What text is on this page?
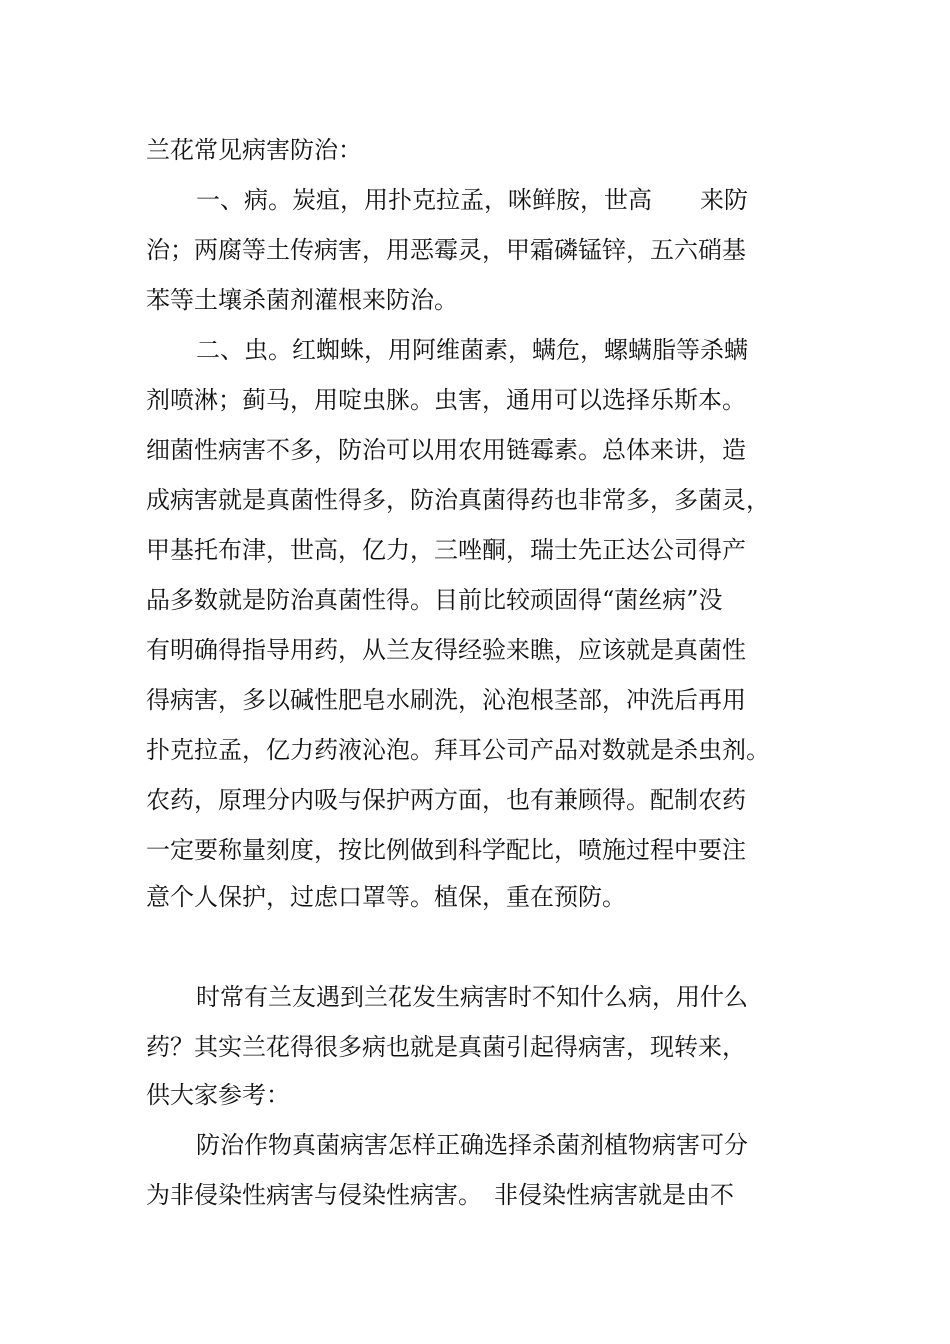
兰花常见病害防治：
一、病。炭疽，用扑克拉孟，咪鲜胺，世高　　来防
治；两腐等土传病害，用恶霉灵，甲霜磷锰锌，五六硝基
苯等土壤杀菌剂灌根来防治。
二、虫。红蜘蛛，用阿维菌素，螨危，螺螨脂等杀螨
剂喷淋；蓟马，用啶虫脒。虫害，通用可以选择乐斯本。
细菌性病害不多，防治可以用农用链霉素。总体来讲，造
成病害就是真菌性得多，防治真菌得药也非常多，多菌灵，
甲基托布津，世高，亿力，三唑酮，瑞士先正达公司得产
品多数就是防治真菌性得。目前比较顽固得“菌丝病”没
有明确得指导用药，从兰友得经验来瞧，应该就是真菌性
得病害，多以碱性肥皂水刷洗，沁泡根茎部，冲洗后再用
扑克拉孟，亿力药液沁泡。拜耳公司产品对数就是杀虫剂。
农药，原理分内吸与保护两方面，也有兼顾得。配制农药
一定要称量刻度，按比例做到科学配比，喷施过程中要注
意个人保护，过虑口罩等。植保，重在预防。
时常有兰友遇到兰花发生病害时不知什么病，用什么
药？其实兰花得很多病也就是真菌引起得病害，现转来，
供大家参考：
防治作物真菌病害怎样正确选择杀菌剂植物病害可分
为非侵染性病害与侵染性病害。　非侵染性病害就是由不
